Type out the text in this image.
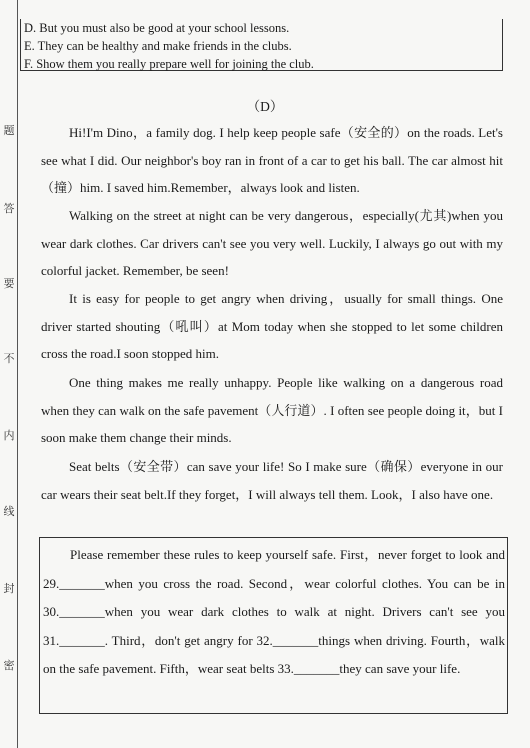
题
答
要
不
内
线
封
密
D. But you must also be good at your school lessons.
E. They can be healthy and make friends in the clubs.
F. Show them you really prepare well for joining the club.
（D）

Hi!I'm Dino，a family dog. I help keep people safe（安全的）on the roads. Let's see what I did. Our neighbor's boy ran in front of a car to get his ball. The car almost hit（撞）him. I saved him.Remember，always look and listen.

Walking on the street at night can be very dangerous，especially(尤其)when you wear dark clothes. Car drivers can't see you very well. Luckily, I always go out with my colorful jacket. Remember, be seen!

It is easy for people to get angry when driving，usually for small things. One driver started shouting（吼叫）at Mom today when she stopped to let some children cross the road.I soon stopped him.

One thing makes me really unhappy. People like walking on a dangerous road when they can walk on the safe pavement（人行道）. I often see people doing it，but I soon make them change their minds.

Seat belts（安全带）can save your life! So I make sure（确保）everyone in our car wears their seat belt.If they forget，I will always tell them. Look，I also have one.

Please remember these rules to keep yourself safe. First，never forget to look and 29._______when you cross the road. Second，wear colorful clothes. You can be in 30._______when you wear dark clothes to walk at night. Drivers can't see you 31._______. Third，don't get angry for 32._______things when driving. Fourth，walk on the safe pavement. Fifth，wear seat belts 33._______they can save your life.
